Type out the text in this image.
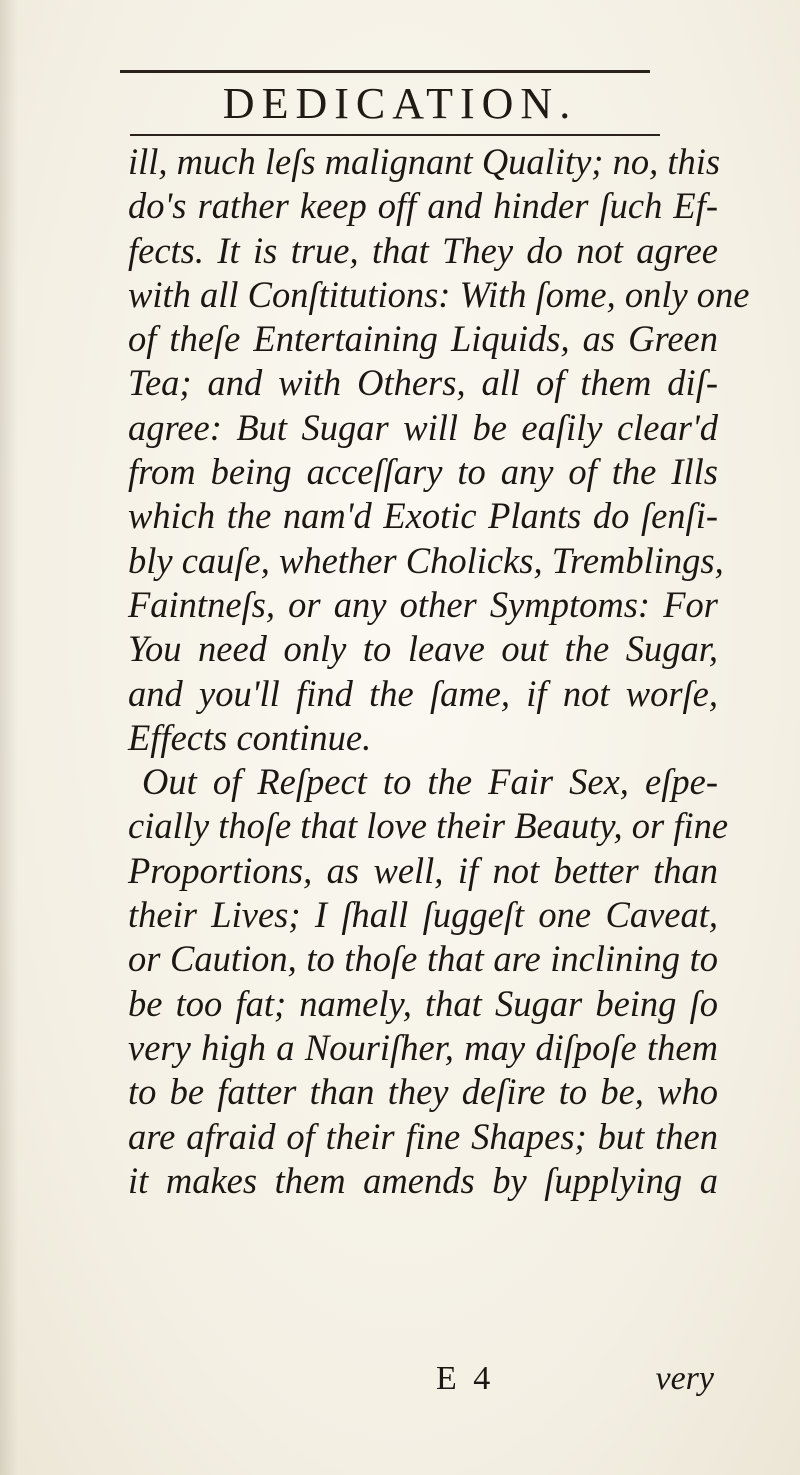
DEDICATION.
ill, much leſs malignant Quality; no, this
do's rather keep off and hinder ſuch Ef-
fects. It is true, that They do not agree
with all Conſtitutions: With ſome, only one
of theſe Entertaining Liquids, as Green
Tea; and with Others, all of them diſ-
agree: But Sugar will be eaſily clear'd
from being acceſſary to any of the Ills
which the nam'd Exotic Plants do ſenſi-
bly cauſe, whether Cholicks, Tremblings,
Faintneſs, or any other Symptoms: For
You need only to leave out the Sugar,
and you'll find the ſame, if not worſe,
Effects continue.
Out of Reſpect to the Fair Sex, eſpe-
cially thoſe that love their Beauty, or fine
Proportions, as well, if not better than
their Lives; I ſhall ſuggeſt one Caveat,
or Caution, to thoſe that are inclining to
be too fat; namely, that Sugar being ſo
very high a Nouriſher, may diſpoſe them
to be fatter than they deſire to be, who
are afraid of their fine Shapes; but then
it makes them amends by ſupplying a
E 4	very
